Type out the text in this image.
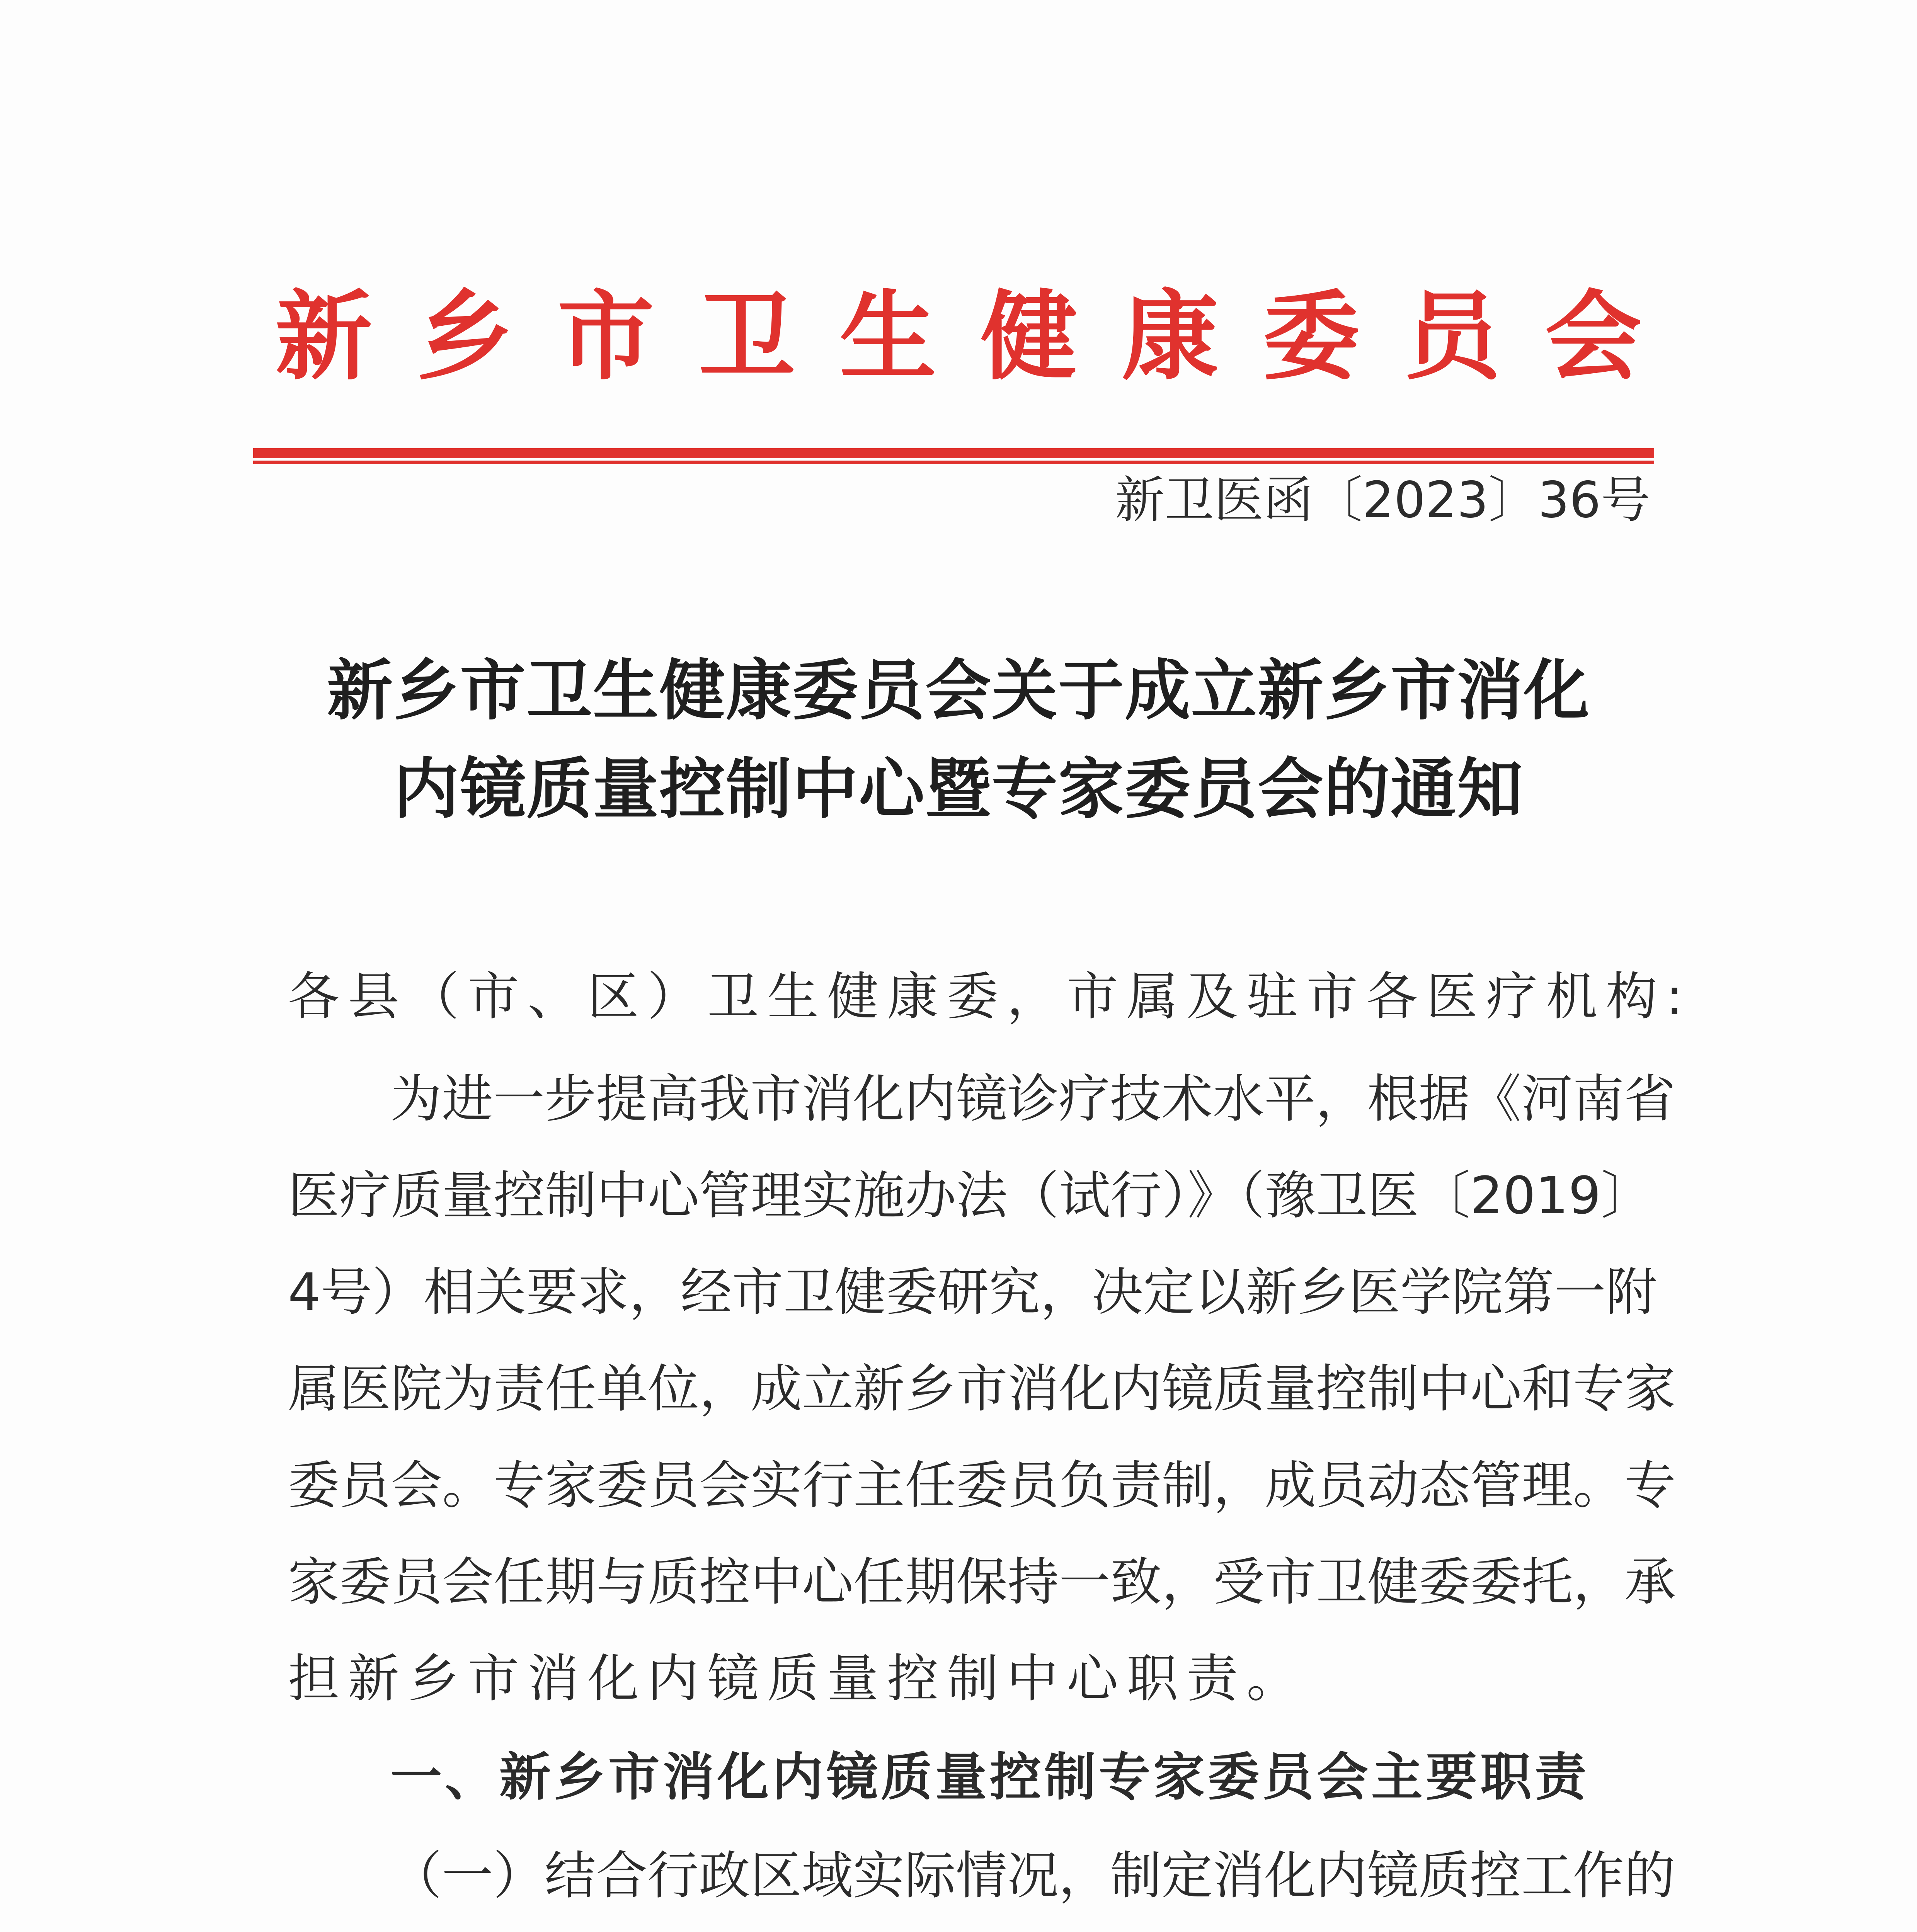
新乡市卫生健康委员会
新卫医函〔2023〕36号
新乡市卫生健康委员会关于成立新乡市消化
内镜质量控制中心暨专家委员会的通知
各县（市、区）卫生健康委，市属及驻市各医疗机构:
为进一步提高我市消化内镜诊疗技术水平，根据《河南省
医疗质量控制中心管理实施办法（试行）》（豫卫医〔2019〕
4号）相关要求，经市卫健委研究，决定以新乡医学院第一附
属医院为责任单位，成立新乡市消化内镜质量控制中心和专家
委员会。专家委员会实行主任委员负责制，成员动态管理。专
家委员会任期与质控中心任期保持一致，受市卫健委委托，承
担新乡市消化内镜质量控制中心职责。
一、新乡市消化内镜质量控制专家委员会主要职责
（一）结合行政区域实际情况，制定消化内镜质控工作的
